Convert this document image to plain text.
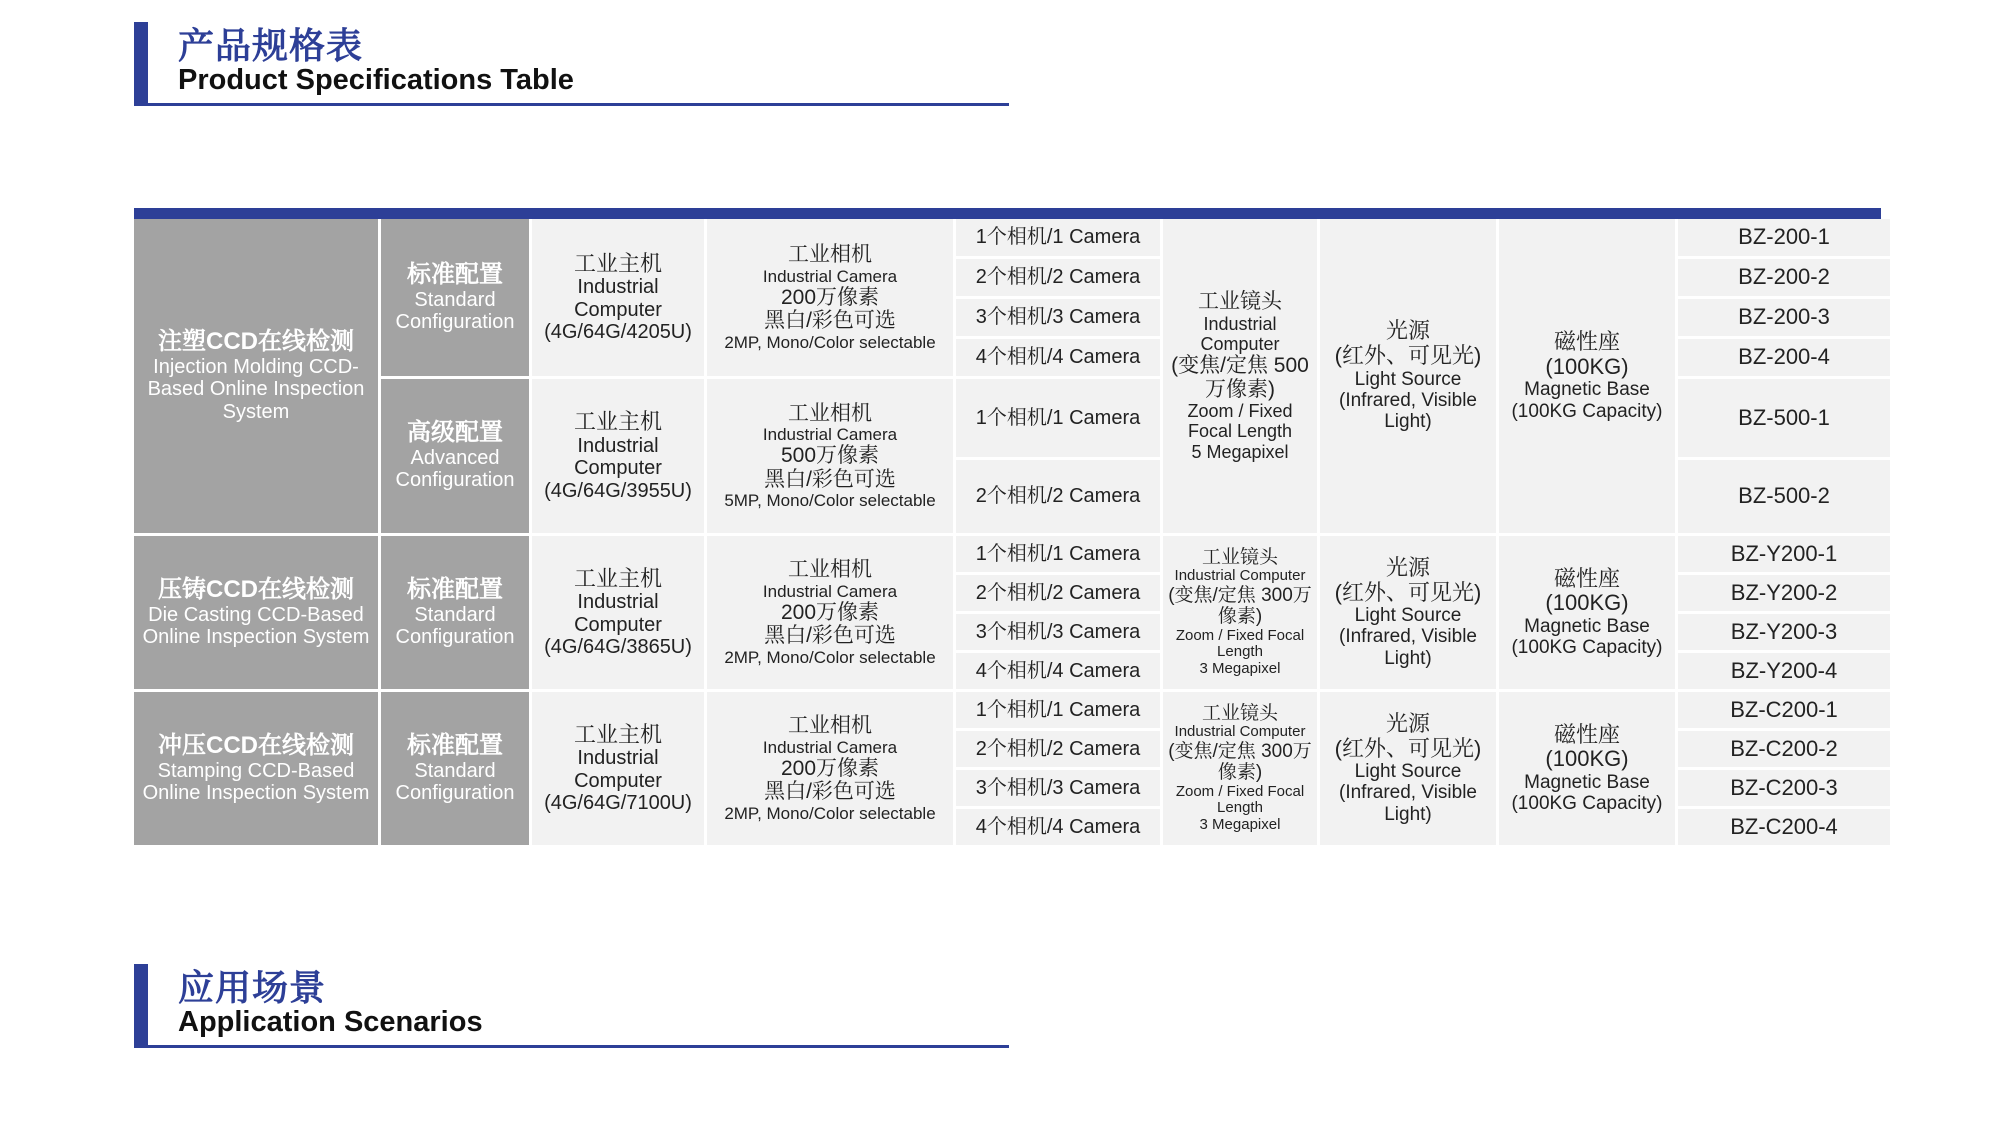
产品规格表
Product Specifications Table
注塑CCD在线检测
Injection Molding CCD-Based Online Inspection System	标准配置
Standard Configuration	工业主机
Industrial Computer
(4G/64G/4205U)	工业相机
Industrial Camera
200万像素
黑白/彩色可选
2MP, Mono/Color selectable	1个相机/1 Camera	工业镜头
Industrial Computer
(变焦/定焦 500万像素)
Zoom / Fixed Focal Length
5 Megapixel	光源
(红外、可见光)
Light Source (Infrared, Visible Light)	磁性座
(100KG)
Magnetic Base (100KG Capacity)	BZ-200-1
				2个相机/2 Camera				BZ-200-2
				3个相机/3 Camera				BZ-200-3
				4个相机/4 Camera				BZ-200-4

	高级配置
Advanced Configuration	工业主机
Industrial Computer
(4G/64G/3955U)	工业相机
Industrial Camera
500万像素
黑白/彩色可选
5MP, Mono/Color selectable	1个相机/1 Camera				BZ-500-1
				2个相机/2 Camera				BZ-500-2

压铸CCD在线检测
Die Casting CCD-Based Online Inspection System	标准配置
Standard Configuration	工业主机
Industrial Computer
(4G/64G/3865U)	工业相机
Industrial Camera
200万像素
黑白/彩色可选
2MP, Mono/Color selectable	1个相机/1 Camera	工业镜头
Industrial Computer
(变焦/定焦 300万像素)
Zoom / Fixed Focal Length
3 Megapixel	光源
(红外、可见光)
Light Source (Infrared, Visible Light)	磁性座
(100KG)
Magnetic Base (100KG Capacity)	BZ-Y200-1
				2个相机/2 Camera				BZ-Y200-2
				3个相机/3 Camera				BZ-Y200-3
				4个相机/4 Camera				BZ-Y200-4

冲压CCD在线检测
Stamping CCD-Based Online Inspection System	标准配置
Standard Configuration	工业主机
Industrial Computer
(4G/64G/7100U)	工业相机
Industrial Camera
200万像素
黑白/彩色可选
2MP, Mono/Color selectable	1个相机/1 Camera	工业镜头
Industrial Computer
(变焦/定焦 300万像素)
Zoom / Fixed Focal Length
3 Megapixel	光源
(红外、可见光)
Light Source (Infrared, Visible Light)	磁性座
(100KG)
Magnetic Base (100KG Capacity)	BZ-C200-1
				2个相机/2 Camera				BZ-C200-2
				3个相机/3 Camera				BZ-C200-3
				4个相机/4 Camera				BZ-C200-4
应用场景
Application Scenarios
